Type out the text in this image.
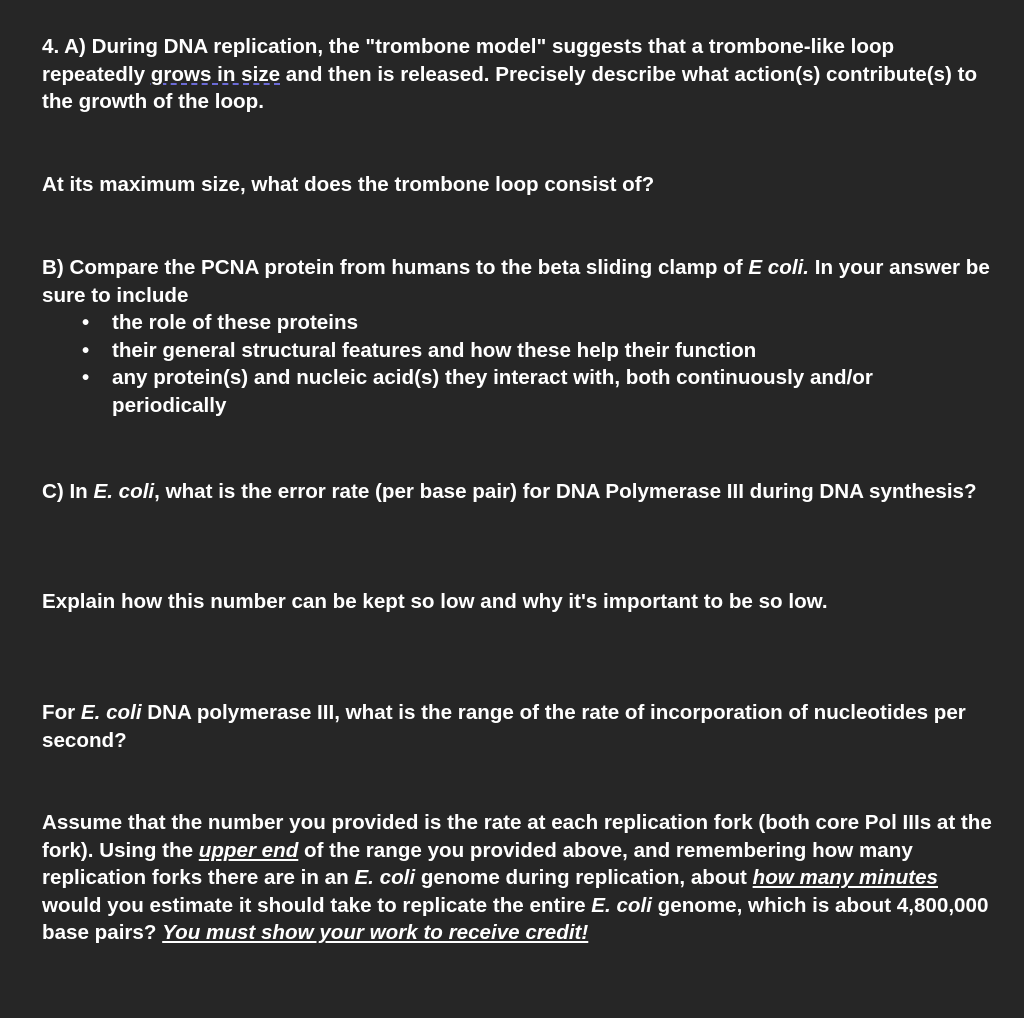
4. A) During DNA replication, the "trombone model" suggests that a trombone-like loop repeatedly grows in size and then is released. Precisely describe what action(s) contribute(s) to the growth of the loop.

At its maximum size, what does the trombone loop consist of?

B) Compare the PCNA protein from humans to the beta sliding clamp of E coli. In your answer be sure to include

• the role of these proteins
• their general structural features and how these help their function
• any protein(s) and nucleic acid(s) they interact with, both continuously and/or periodically

C) In E. coli, what is the error rate (per base pair) for DNA Polymerase III during DNA synthesis?

Explain how this number can be kept so low and why it's important to be so low.

For E. coli DNA polymerase III, what is the range of the rate of incorporation of nucleotides per second?

Assume that the number you provided is the rate at each replication fork (both core Pol IIIs at the fork). Using the upper end of the range you provided above, and remembering how many replication forks there are in an E. coli genome during replication, about how many minutes would you estimate it should take to replicate the entire E. coli genome, which is about 4,800,000 base pairs? You must show your work to receive credit!
